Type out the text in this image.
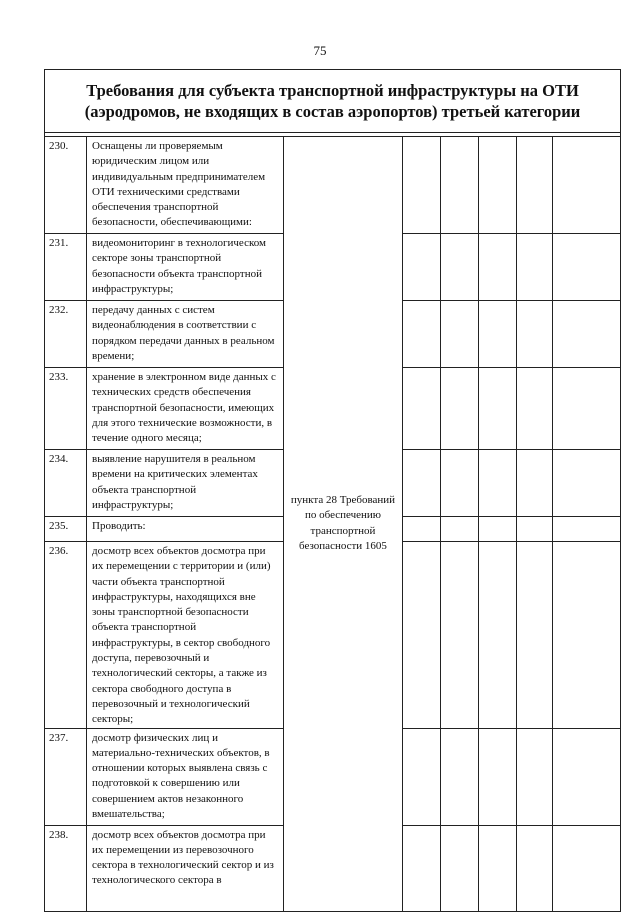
75
Требования для субъекта транспортной инфраструктуры на ОТИ (аэродромов, не входящих в состав аэропортов) третьей категории							

230.	Оснащены ли проверяемым юридическим лицом или индивидуальным предпринимателем ОТИ техническими средствами обеспечения транспортной безопасности, обеспечивающими:	пункта 28 Требований по обеспечению транспортной безопасности 1605					

231.	видеомониторинг в технологическом секторе зоны транспортной безопасности объекта транспортной инфраструктуры;						
232.	передачу данных с систем видеонаблюдения в соответствии с порядком передачи данных в реальном времени;						
233.	хранение в электронном виде данных с технических средств обеспечения транспортной безопасности, имеющих для этого технические возможности, в течение одного месяца;						
234.	выявление нарушителя в реальном времени на критических элементах объекта транспортной инфраструктуры;						
235.	Проводить:						
236.	досмотр всех объектов досмотра при их перемещении с территории и (или) части объекта транспортной инфраструктуры, находящихся вне зоны транспортной безопасности объекта транспортной инфраструктуры, в сектор свободного доступа, перевозочный и технологический секторы, а также из сектора свободного доступа в перевозочный и технологический секторы;						
237.	досмотр физических лиц и материально-технических объектов, в отношении которых выявлена связь с подготовкой к совершению или совершением актов незаконного вмешательства;						
238.	досмотр всех объектов досмотра при их перемещении из перевозочного сектора в технологический сектор и из технологического сектора в						
